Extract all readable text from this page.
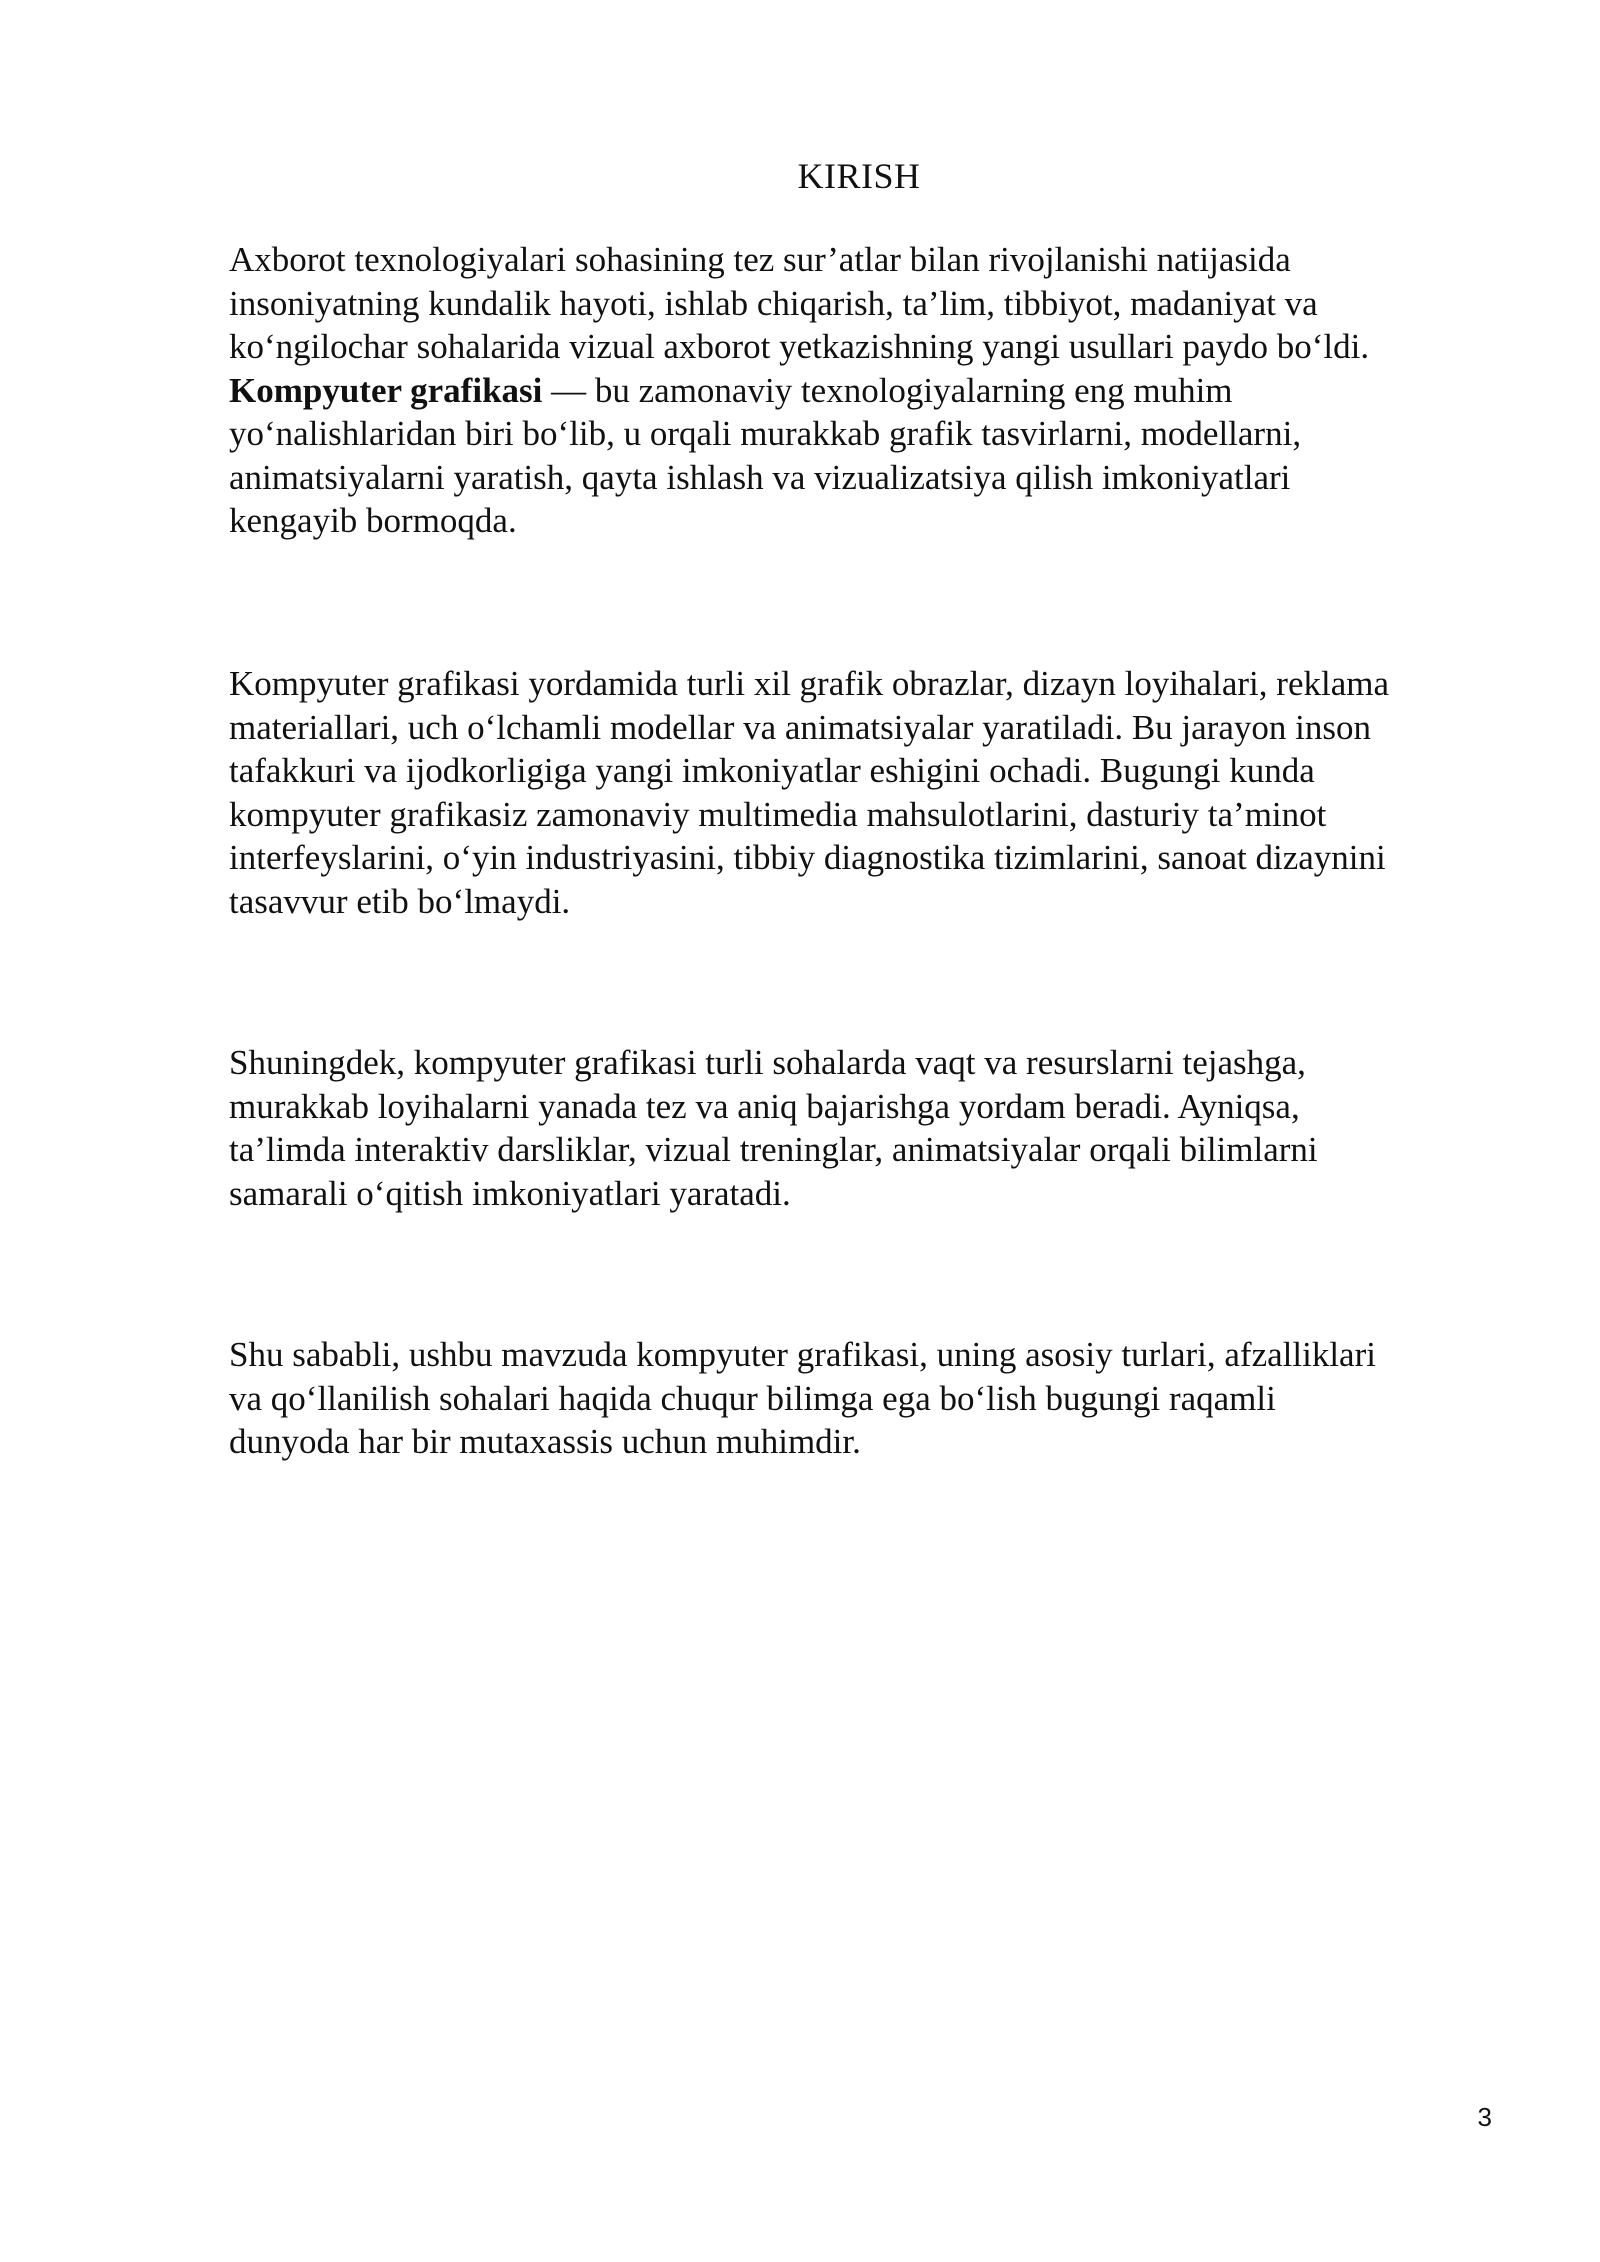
KIRISH

Axborot texnologiyalari sohasining tez sur’atlar bilan rivojlanishi natijasida
insoniyatning kundalik hayoti, ishlab chiqarish, ta’lim, tibbiyot, madaniyat va
ko‘ngilochar sohalarida vizual axborot yetkazishning yangi usullari paydo bo‘ldi.
Kompyuter grafikasi — bu zamonaviy texnologiyalarning eng muhim
yo‘nalishlaridan biri bo‘lib, u orqali murakkab grafik tasvirlarni, modellarni,
animatsiyalarni yaratish, qayta ishlash va vizualizatsiya qilish imkoniyatlari
kengayib bormoqda.

Kompyuter grafikasi yordamida turli xil grafik obrazlar, dizayn loyihalari, reklama
materiallari, uch o‘lchamli modellar va animatsiyalar yaratiladi. Bu jarayon inson
tafakkuri va ijodkorligiga yangi imkoniyatlar eshigini ochadi. Bugungi kunda
kompyuter grafikasiz zamonaviy multimedia mahsulotlarini, dasturiy ta’minot
interfeyslarini, o‘yin industriyasini, tibbiy diagnostika tizimlarini, sanoat dizaynini
tasavvur etib bo‘lmaydi.

Shuningdek, kompyuter grafikasi turli sohalarda vaqt va resurslarni tejashga,
murakkab loyihalarni yanada tez va aniq bajarishga yordam beradi. Ayniqsa,
ta’limda interaktiv darsliklar, vizual treninglar, animatsiyalar orqali bilimlarni
samarali o‘qitish imkoniyatlari yaratadi.

Shu sababli, ushbu mavzuda kompyuter grafikasi, uning asosiy turlari, afzalliklari
va qo‘llanilish sohalari haqida chuqur bilimga ega bo‘lish bugungi raqamli
dunyoda har bir mutaxassis uchun muhimdir.

3
